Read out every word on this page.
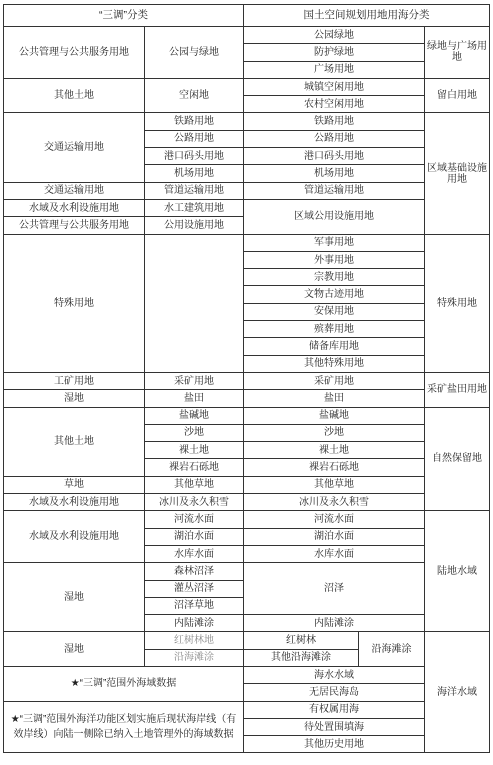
“三调”分类		国土空间规划用地用海分类		
公共管理与公共服务用地	公园与绿地	公园绿地		绿地与广场用地
		防护绿地		
		广场用地		
其他土地	空闲地	城镇空闲用地		留白用地
		农村空闲用地		
交通运输用地	铁路用地	铁路用地		区域基础设施用地
	公路用地	公路用地		
	港口码头用地	港口码头用地		
	机场用地	机场用地		
交通运输用地	管道运输用地	管道运输用地		
水域及水利设施用地	水工建筑用地	区域公用设施用地		
公共管理与公共服务用地	公用设施用地			
特殊用地		军事用地		特殊用地
		外事用地		
		宗教用地		
		文物古迹用地		
		安保用地		
		殡葬用地		
		储备库用地		
		其他特殊用地		
工矿用地	采矿用地	采矿用地		采矿盐田用地
湿地	盐田	盐田		
其他土地	盐碱地	盐碱地		自然保留地
	沙地	沙地		
	裸土地	裸土地		
	裸岩石砾地	裸岩石砾地		
草地	其他草地	其他草地		
水域及水利设施用地	冰川及永久积雪	冰川及永久积雪		
水域及水利设施用地	河流水面	河流水面		陆地水域
	湖泊水面	湖泊水面		
	水库水面	水库水面		
湿地	森林沼泽	沼泽		
	灌丛沼泽			
	沼泽草地			
	内陆滩涂	内陆滩涂		
湿地	红树林地	红树林	沿海滩涂	海洋水域
	沿海滩涂	其他沿海滩涂		
★“三调”范围外海域数据		海水水域		
		无居民海岛		
★“三调”范围外海洋功能区划实施后现状海岸线（有效岸线）向陆一侧除已纳入土地管理外的海域数据		有权属用海		
		待处置围填海		
		其他历史用地		
